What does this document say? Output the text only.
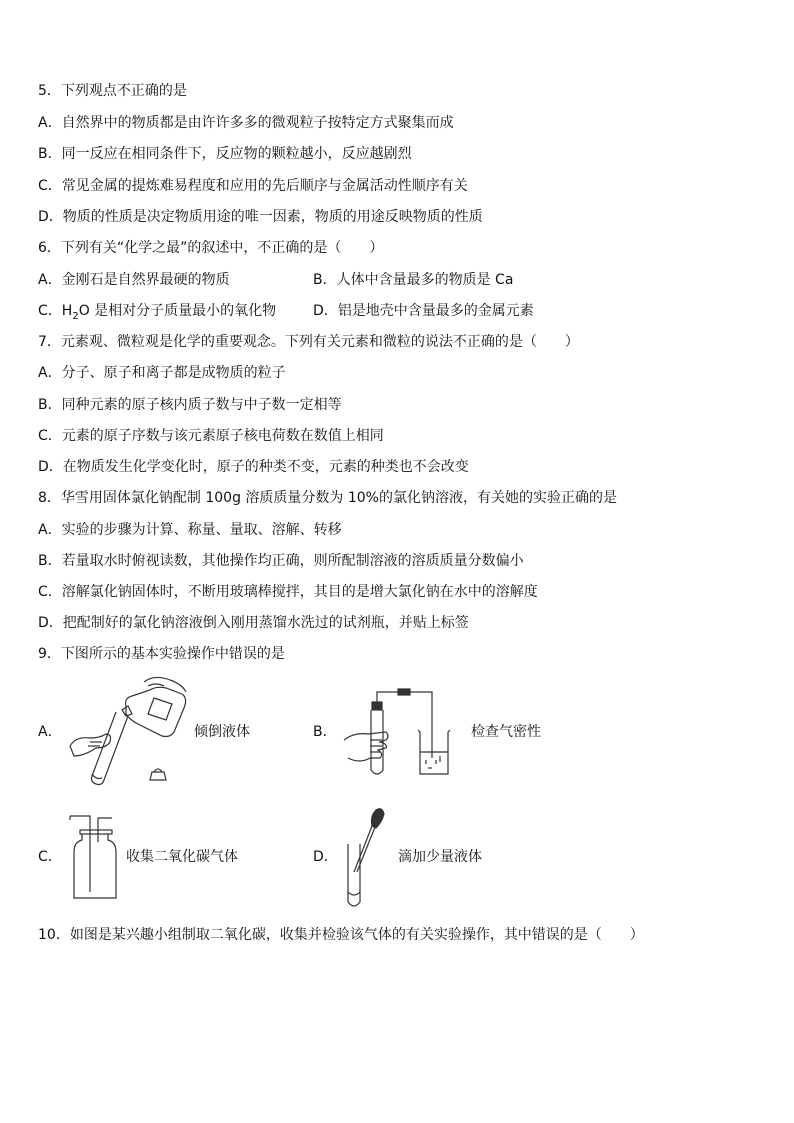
5．下列观点不正确的是
A．自然界中的物质都是由许许多多的微观粒子按特定方式聚集而成
B．同一反应在相同条件下，反应物的颗粒越小，反应越剧烈
C．常见金属的提炼难易程度和应用的先后顺序与金属活动性顺序有关
D．物质的性质是决定物质用途的唯一因素，物质的用途反映物质的性质
6．下列有关“化学之最”的叙述中，不正确的是（　　）
A．金刚石是自然界最硬的物质	B．人体中含量最多的物质是 Ca
C．$H_2O$ 是相对分子质量最小的氧化物	D．铝是地壳中含量最多的金属元素
7．元素观、微粒观是化学的重要观念。下列有关元素和微粒的说法不正确的是（　　）
A．分子、原子和离子都是成物质的粒子
B．同种元素的原子核内质子数与中子数一定相等
C．元素的原子序数与该元素原子核电荷数在数值上相同
D．在物质发生化学变化时，原子的种类不变，元素的种类也不会改变
8．华雪用固体氯化钠配制 100g 溶质质量分数为 10%的氯化钠溶液，有关她的实验正确的是
A．实验的步骤为计算、称量、量取、溶解、转移
B．若量取水时俯视读数，其他操作均正确，则所配制溶液的溶质质量分数偏小
C．溶解氯化钠固体时，不断用玻璃棒搅拌，其目的是增大氯化钠在水中的溶解度
D．把配制好的氯化钠溶液倒入刚用蒸馏水洗过的试剂瓶，并贴上标签
9．下图所示的基本实验操作中错误的是
A．	倾倒液体	B．	检查气密性
C．	收集二氧化碳气体	D．	滴加少量液体
10．如图是某兴趣小组制取二氧化碳，收集并检验该气体的有关实验操作，其中错误的是（　　）
